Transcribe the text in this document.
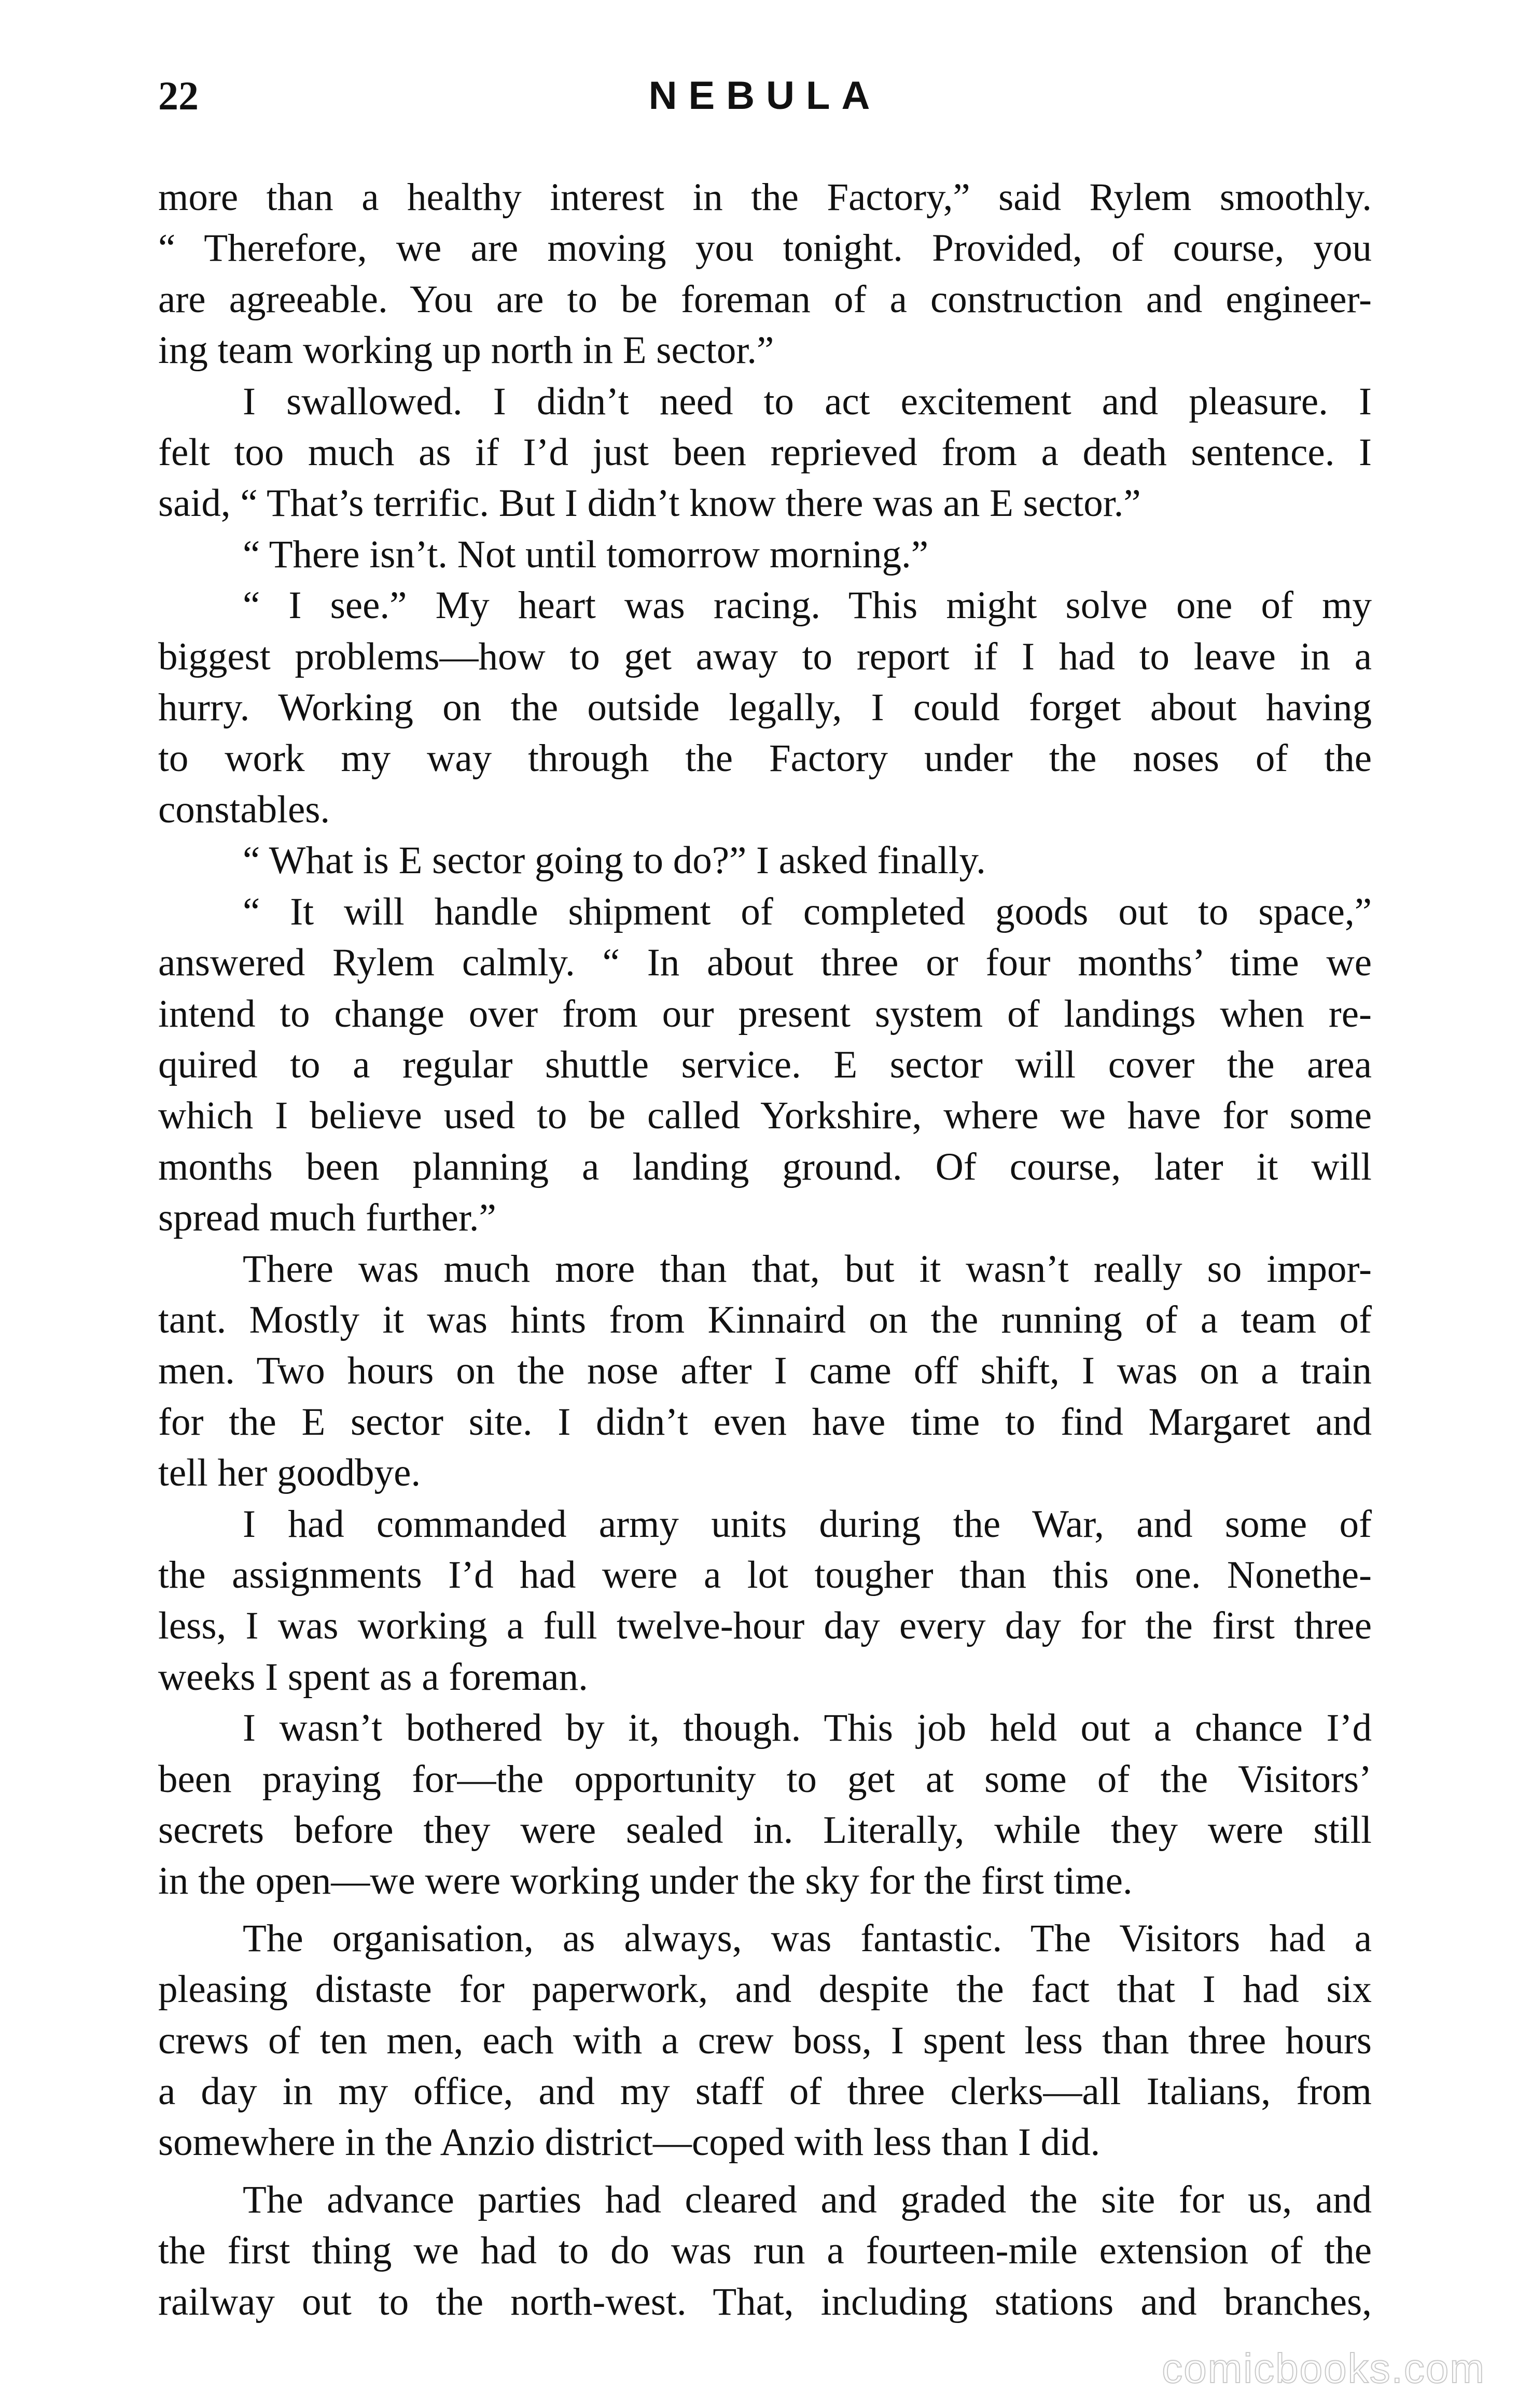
22	NEBULA
more than a healthy interest in the Factory,” said Rylem smoothly.
“ Therefore, we are moving you tonight. Provided, of course, you
are agreeable. You are to be foreman of a construction and engineer-
ing team working up north in E sector.”
I swallowed. I didn’t need to act excitement and pleasure. I
felt too much as if I’d just been reprieved from a death sentence. I
said, “ That’s terrific. But I didn’t know there was an E sector.”
“ There isn’t. Not until tomorrow morning.”
“ I see.” My heart was racing. This might solve one of my
biggest problems—how to get away to report if I had to leave in a
hurry. Working on the outside legally, I could forget about having
to work my way through the Factory under the noses of the
constables.
“ What is E sector going to do?” I asked finally.
“ It will handle shipment of completed goods out to space,”
answered Rylem calmly. “ In about three or four months’ time we
intend to change over from our present system of landings when re-
quired to a regular shuttle service. E sector will cover the area
which I believe used to be called Yorkshire, where we have for some
months been planning a landing ground. Of course, later it will
spread much further.”
There was much more than that, but it wasn’t really so impor-
tant. Mostly it was hints from Kinnaird on the running of a team of
men. Two hours on the nose after I came off shift, I was on a train
for the E sector site. I didn’t even have time to find Margaret and
tell her goodbye.
I had commanded army units during the War, and some of
the assignments I’d had were a lot tougher than this one. Nonethe-
less, I was working a full twelve-hour day every day for the first three
weeks I spent as a foreman.
I wasn’t bothered by it, though. This job held out a chance I’d
been praying for—the opportunity to get at some of the Visitors’
secrets before they were sealed in. Literally, while they were still
in the open—we were working under the sky for the first time.
The organisation, as always, was fantastic. The Visitors had a
pleasing distaste for paperwork, and despite the fact that I had six
crews of ten men, each with a crew boss, I spent less than three hours
a day in my office, and my staff of three clerks—all Italians, from
somewhere in the Anzio district—coped with less than I did.
The advance parties had cleared and graded the site for us, and
the first thing we had to do was run a fourteen-mile extension of the
railway out to the north-west. That, including stations and branches,
comicbooks.com
